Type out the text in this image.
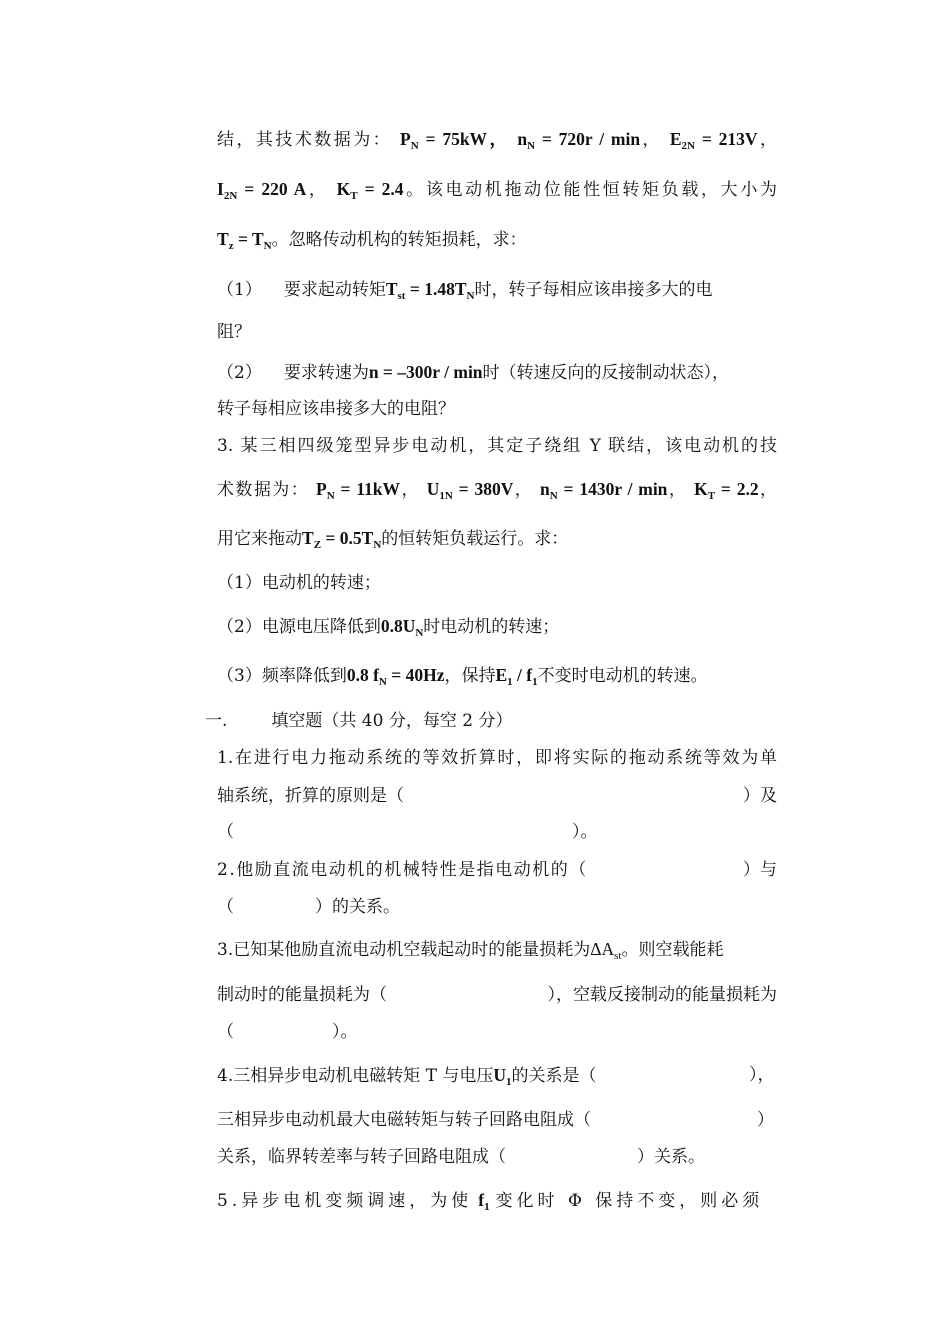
结，其技术数据为： $P_N = 75kW$， $n_N = 720r / \min$， $E_{2N} = 213V$，
$I_{2N} = 220$ A， $K_T = 2.4$。该电动机拖动位能性恒转矩负载，大小为
$T_z = T_N$。忽略传动机构的转矩损耗，求：
（1） 要求起动转矩$T_{st} = 1.48T_N$时，转子每相应该串接多大的电
阻？
（2） 要求转速为n = –300r / min时（转速反向的反接制动状态），
转子每相应该串接多大的电阻？
3. 某三相四级笼型异步电动机，其定子绕组 Y 联结，该电动机的技
术数据为： $P_N = 11kW$， $U_{1N} = 380V$， $n_N = 1430r / \min$， $K_T = 2.2$，
用它来拖动$T_Z = 0.5T_N$的恒转矩负载运行。求：
（1）电动机的转速；
（2）电源电压降低到$0.8U_N$时电动机的转速；
（3）频率降低到0.8 $f_N = 40Hz$，保持$E_1 / f_1$不变时电动机的转速。
一.	填空题（共 40 分，每空 2 分）
1.在进行电力拖动系统的等效折算时，即将实际的拖动系统等效为单
轴系统，折算的原则是（	）及
（	）。
2.他励直流电动机的机械特性是指电动机的（	）与
（	）的关系。
3.已知某他励直流电动机空载起动时的能量损耗为$\Delta A_{st}$。则空载能耗
制动时的能量损耗为（	），空载反接制动的能量损耗为
（	）。
4.三相异步电动机电磁转矩 T 与电压$U_1$的关系是（	），
三相异步电动机最大电磁转矩与转子回路电阻成（	）
关系，临界转差率与转子回路电阻成（	）关系。
5.异步电机变频调速，为使 $f_1$ 变化时 Φ 保持不变，则必须
